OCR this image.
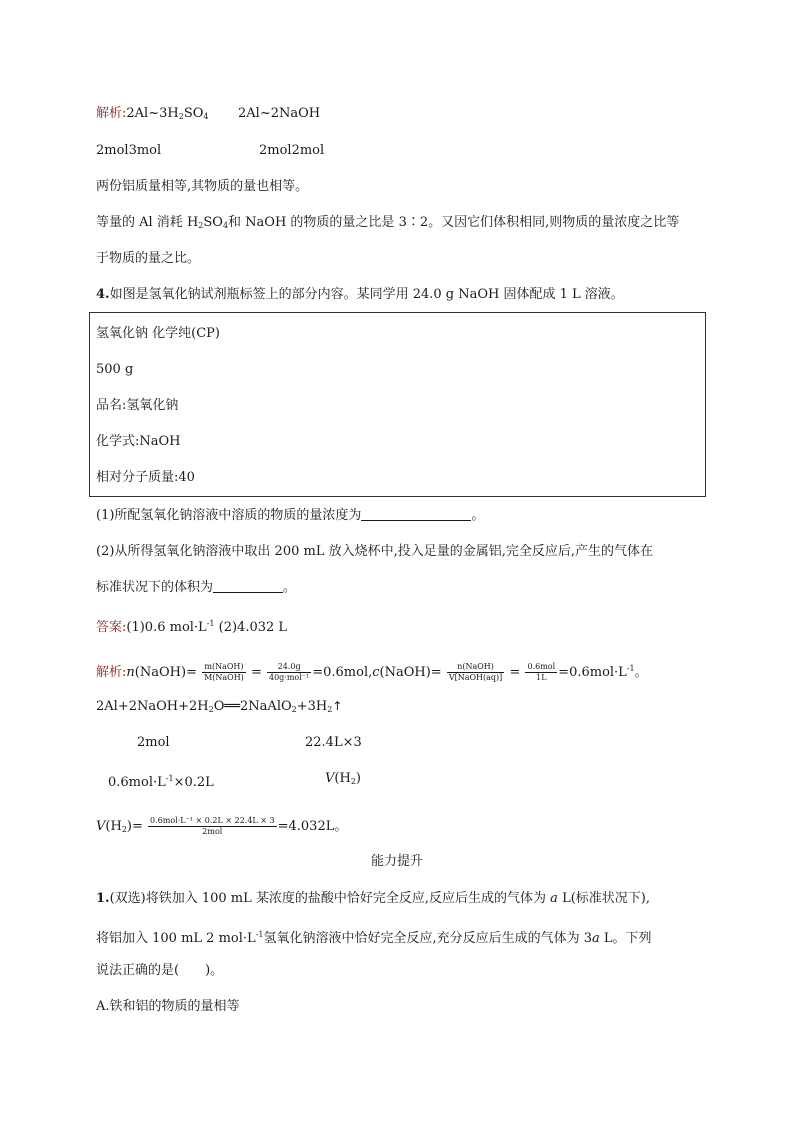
解析$:2Al\sim 3H_2SO_4$ 2Al~2NaOH
2mol3mol	2mol2mol
两份铝质量相等,其物质的量也相等。
等量的 Al 消耗 $H_2SO_4$和 NaOH 的物质的量之比是 3∶2。又因它们体积相同,则物质的量浓度之比等
于物质的量之比。
4.如图是氢氧化钠试剂瓶标签上的部分内容。某同学用 24.0 g NaOH 固体配成 1 L 溶液。
氢氧化钠 化学纯(CP)
500 g
品名:氢氧化钠
化学式:NaOH
相对分子质量:40
(1)所配氢氧化钠溶液中溶质的物质的量浓度为	。
(2)从所得氢氧化钠溶液中取出 200 mL 放入烧杯中,投入足量的金属铝,完全反应后,产生的气体在
标准状况下的体积为	。
答案:(1)0.6 $mol\cdot L^{-1}$ (2)4.032 L
解析:n(NaOH)= $\frac{\text{m(NaOH)}}{\text{M(NaOH)}} = \frac{24.0g}{\text{40g·mol⁻¹}}$ =0.6mol,c(NaOH)= $\frac{\text{n(NaOH)}}{\text{V[NaOH(aq)]}} = \frac{\text{0.6mol}}{1L} =0.6mol\cdot L^{-1}$。
$2Al+2NaOH+2H_2O══2NaAlO_2+3H_2↑$
2mol	22.4L×3
$0.6mol\cdot L^{-1}\times 0.2L$	$V(H_2)$
$V(H_2)= \frac{\text{0.6mol·L⁻¹ × 0.2L × 22.4L × 3}}{\text{2mol}} =4.032L$。
能力提升
1.(双选)将铁加入 100 mL 某浓度的盐酸中恰好完全反应,反应后生成的气体为 a L(标准状况下),
将铝加入 100 mL 2 $mol\cdot L^{-1}$氢氧化钠溶液中恰好完全反应,充分反应后生成的气体为 3a L。下列
说法正确的是(　　)。
A.铁和铝的物质的量相等
